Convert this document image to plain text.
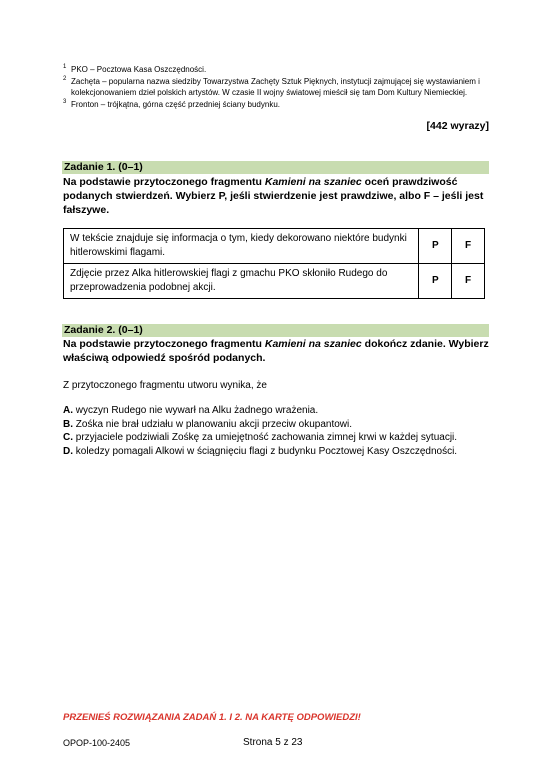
1 PKO – Pocztowa Kasa Oszczędności.
2 Zachęta – popularna nazwa siedziby Towarzystwa Zachęty Sztuk Pięknych, instytucji zajmującej się wystawianiem i kolekcjonowaniem dzieł polskich artystów. W czasie II wojny światowej mieścił się tam Dom Kultury Niemieckiej.
3 Fronton – trójkątna, górna część przedniej ściany budynku.
[442 wyrazy]
Zadanie 1. (0–1)
Na podstawie przytoczonego fragmentu Kamieni na szaniec oceń prawdziwość podanych stwierdzeń. Wybierz P, jeśli stwierdzenie jest prawdziwe, albo F – jeśli jest fałszywe.
W tekście znajduje się informacja o tym, kiedy dekorowano niektóre budynki hitlerowskimi flagami.	P	F
Zdjęcie przez Alka hitlerowskiej flagi z gmachu PKO skłoniło Rudego do przeprowadzenia podobnej akcji.	P	F
Zadanie 2. (0–1)
Na podstawie przytoczonego fragmentu Kamieni na szaniec dokończ zdanie. Wybierz właściwą odpowiedź spośród podanych.
Z przytoczonego fragmentu utworu wynika, że
A. wyczyn Rudego nie wywarł na Alku żadnego wrażenia.
B. Zośka nie brał udziału w planowaniu akcji przeciw okupantowi.
C. przyjaciele podziwiali Zośkę za umiejętność zachowania zimnej krwi w każdej sytuacji.
D. koledzy pomagali Alkowi w ściągnięciu flagi z budynku Pocztowej Kasy Oszczędności.
PRZENIEŚ ROZWIĄZANIA ZADAŃ 1. I 2. NA KARTĘ ODPOWIEDZI!
OPOP-100-2405	Strona 5 z 23
